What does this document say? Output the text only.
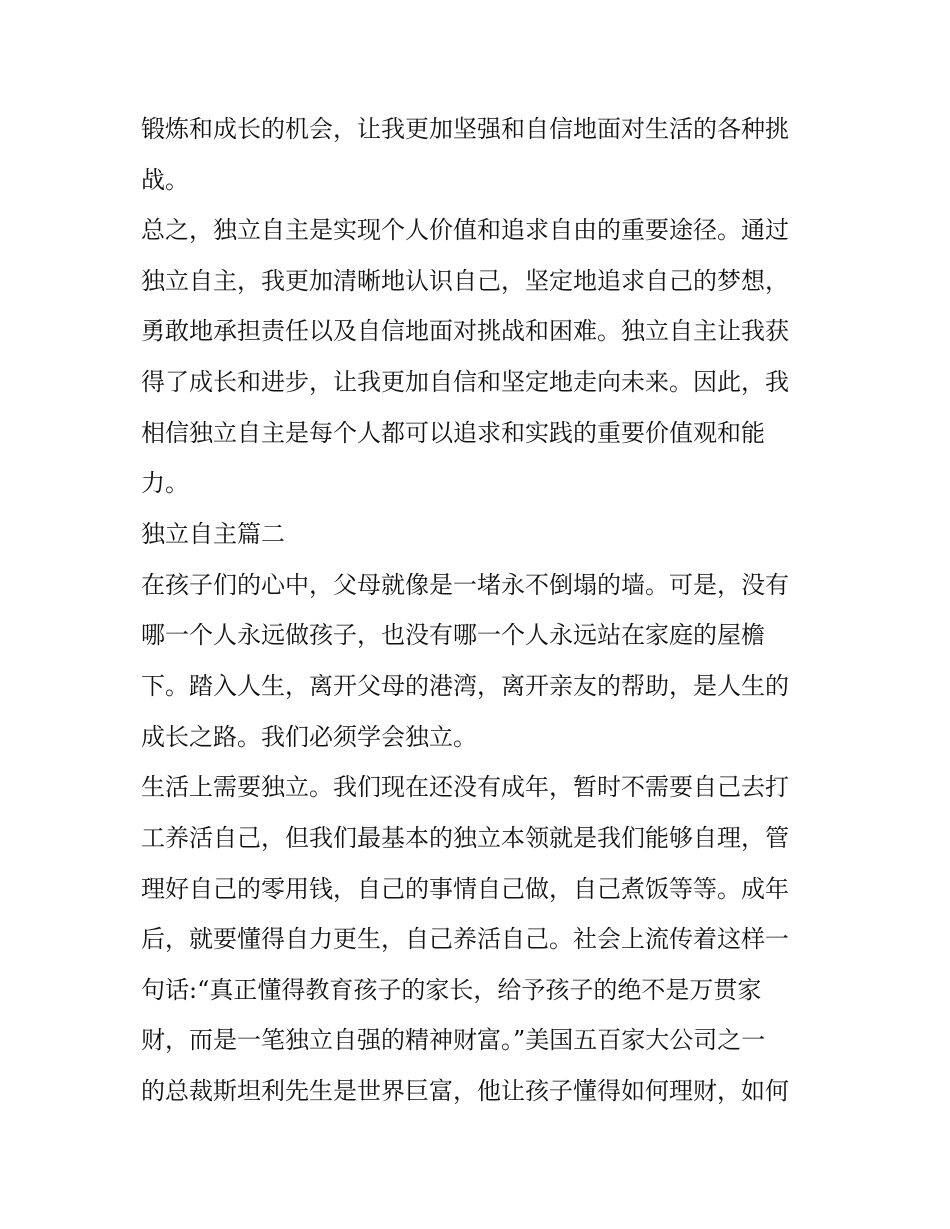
锻炼和成长的机会，让我更加坚强和自信地面对生活的各种挑
战。
总之，独立自主是实现个人价值和追求自由的重要途径。通过
独立自主，我更加清晰地认识自己，坚定地追求自己的梦想，
勇敢地承担责任以及自信地面对挑战和困难。独立自主让我获
得了成长和进步，让我更加自信和坚定地走向未来。因此，我
相信独立自主是每个人都可以追求和实践的重要价值观和能
力。
独立自主篇二
在孩子们的心中，父母就像是一堵永不倒塌的墙。可是，没有
哪一个人永远做孩子，也没有哪一个人永远站在家庭的屋檐
下。踏入人生，离开父母的港湾，离开亲友的帮助，是人生的
成长之路。我们必须学会独立。
生活上需要独立。我们现在还没有成年，暂时不需要自己去打
工养活自己，但我们最基本的独立本领就是我们能够自理，管
理好自己的零用钱，自己的事情自己做，自己煮饭等等。成年
后，就要懂得自力更生，自己养活自己。社会上流传着这样一
句话:“真正懂得教育孩子的家长，给予孩子的绝不是万贯家
财，而是一笔独立自强的精神财富。”美国五百家大公司之一
的总裁斯坦利先生是世界巨富，他让孩子懂得如何理财，如何
